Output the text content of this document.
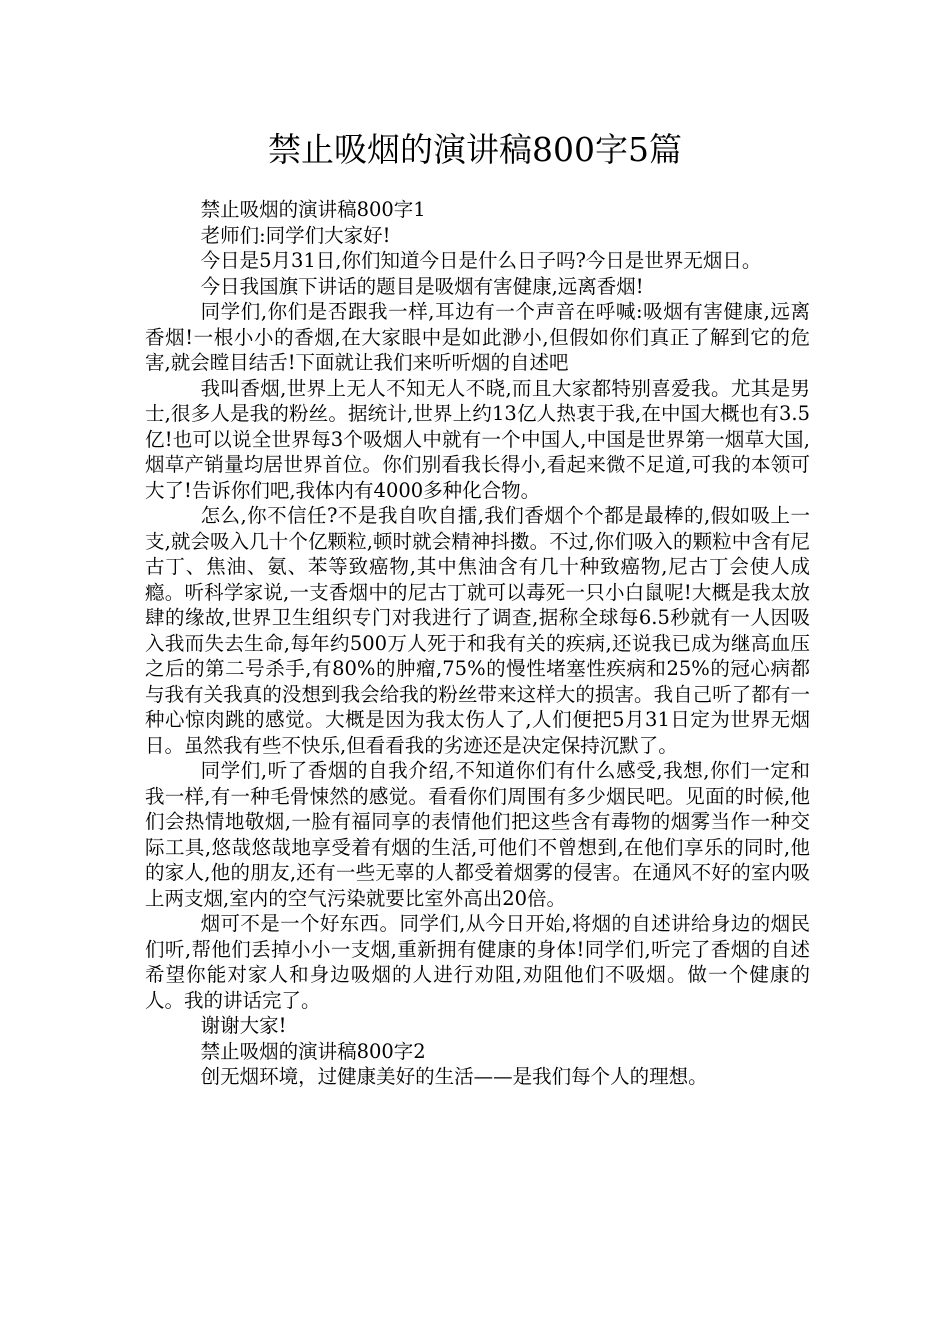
禁止吸烟的演讲稿800字5篇

禁止吸烟的演讲稿800字1

老师们:同学们大家好!

今日是5月31日,你们知道今日是什么日子吗?今日是世界无烟日。

今日我国旗下讲话的题目是吸烟有害健康,远离香烟!

同学们,你们是否跟我一样,耳边有一个声音在呼喊:吸烟有害健康,远离香烟!一根小小的香烟,在大家眼中是如此渺小,但假如你们真正了解到它的危害,就会瞠目结舌!下面就让我们来听听烟的自述吧

我叫香烟,世界上无人不知无人不晓,而且大家都特别喜爱我。尤其是男士,很多人是我的粉丝。据统计,世界上约13亿人热衷于我,在中国大概也有3.5亿!也可以说全世界每3个吸烟人中就有一个中国人,中国是世界第一烟草大国,烟草产销量均居世界首位。你们别看我长得小,看起来微不足道,可我的本领可大了!告诉你们吧,我体内有4000多种化合物。

怎么,你不信任?不是我自吹自擂,我们香烟个个都是最棒的,假如吸上一支,就会吸入几十个亿颗粒,顿时就会精神抖擞。不过,你们吸入的颗粒中含有尼古丁、焦油、氨、苯等致癌物,其中焦油含有几十种致癌物,尼古丁会使人成瘾。听科学家说,一支香烟中的尼古丁就可以毒死一只小白鼠呢!大概是我太放肆的缘故,世界卫生组织专门对我进行了调查,据称全球每6.5秒就有一人因吸入我而失去生命,每年约500万人死于和我有关的疾病,还说我已成为继高血压之后的第二号杀手,有80%的肿瘤,75%的慢性堵塞性疾病和25%的冠心病都与我有关我真的没想到我会给我的粉丝带来这样大的损害。我自己听了都有一种心惊肉跳的感觉。大概是因为我太伤人了,人们便把5月31日定为世界无烟日。虽然我有些不快乐,但看看我的劣迹还是决定保持沉默了。

同学们,听了香烟的自我介绍,不知道你们有什么感受,我想,你们一定和我一样,有一种毛骨悚然的感觉。看看你们周围有多少烟民吧。见面的时候,他们会热情地敬烟,一脸有福同享的表情他们把这些含有毒物的烟雾当作一种交际工具,悠哉悠哉地享受着有烟的生活,可他们不曾想到,在他们享乐的同时,他的家人,他的朋友,还有一些无辜的人都受着烟雾的侵害。在通风不好的室内吸上两支烟,室内的空气污染就要比室外高出20倍。

烟可不是一个好东西。同学们,从今日开始,将烟的自述讲给身边的烟民们听,帮他们丢掉小小一支烟,重新拥有健康的身体!同学们,听完了香烟的自述希望你能对家人和身边吸烟的人进行劝阻,劝阻他们不吸烟。做一个健康的人。我的讲话完了。

谢谢大家!

禁止吸烟的演讲稿800字2

创无烟环境，过健康美好的生活——是我们每个人的理想。
